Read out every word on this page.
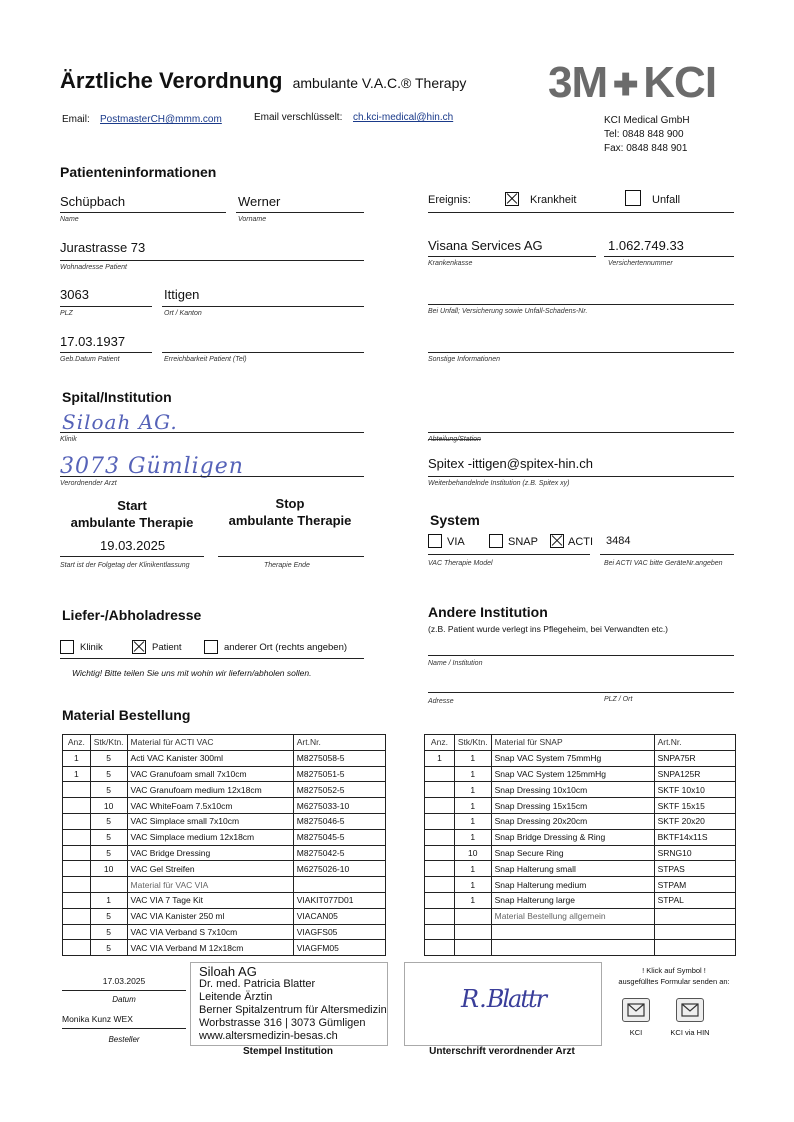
Ärztliche Verordnung ambulante V.A.C.® Therapy 3M ✚ KCI
Email: PostmasterCH@mmm.com	Email verschlüsselt: ch.kci-medical@hin.ch	KCI Medical GmbH
Tel: 0848 848 900
Fax: 0848 848 901
Patienteninformationen
Schüpbach
Name
Werner
Vorname
Jurastrasse 73
Wohnadresse Patient
3063
PLZ
Ittigen
Ort / Kanton
17.03.1937
Geb.Datum Patient	Erreichbarkeit Patient (Tel)
Ereignis:	Krankheit	Unfall
Visana Services AG
Krankenkasse
1.062.749.33
Versichertennummer
Bei Unfall; Versicherung sowie Unfall-Schadens-Nr.
Sonstige Informationen
Spital/Institution
Siloah AG.
Klinik	Abteilung/Station
3073 Gümligen
Verordnender Arzt
Spitex -ittigen@spitex-hin.ch
Weiterbehandelnde Institution (z.B. Spitex xy)
Start
ambulante Therapie
Stop
ambulante Therapie
19.03.2025
Start ist der Folgetag der Klinikentlassung	Therapie Ende
System
VIA	SNAP	ACTI 3484
VAC Therapie Model	Bei ACTI VAC bitte GeräteNr.angeben
Liefer-/Abholadresse
Klinik	Patient	anderer Ort (rechts angeben)
Wichtig! Bitte teilen Sie uns mit wohin wir liefern/abholen sollen.
Andere Institution
(z.B. Patient wurde verlegt ins Pflegeheim, bei Verwandten etc.)
Name / Institution
Adresse	PLZ / Ort
Material Bestellung
Anz.	Stk/Ktn.	Material für ACTI VAC	Art.Nr.
1	5	Acti VAC Kanister 300ml	M8275058-5
1	5	VAC Granufoam small 7x10cm	M8275051-5
	5	VAC Granufoam medium 12x18cm	M8275052-5
	10	VAC WhiteFoam 7.5x10cm	M6275033-10
	5	VAC Simplace small 7x10cm	M8275046-5
	5	VAC Simplace medium 12x18cm	M8275045-5
	5	VAC Bridge Dressing	M8275042-5
	10	VAC Gel Streifen	M6275026-10
		Material für VAC VIA	
	1	VAC VIA 7 Tage Kit	VIAKIT077D01
	5	VAC VIA Kanister 250 ml	VIACAN05
	5	VAC VIA Verband S 7x10cm	VIAGFS05
	5	VAC VIA Verband M 12x18cm	VIAGFM05
Anz.	Stk/Ktn.	Material für SNAP	Art.Nr.
1	1	Snap VAC System 75mmHg	SNPA75R
	1	Snap VAC System 125mmHg	SNPA125R
	1	Snap Dressing 10x10cm	SKTF 10x10
	1	Snap Dressing 15x15cm	SKTF 15x15
	1	Snap Dressing 20x20cm	SKTF 20x20
	1	Snap Bridge Dressing & Ring	BKTF14x11S
	10	Snap Secure Ring	SRNG10
	1	Snap Halterung small	STPAS
	1	Snap Halterung medium	STPAM
	1	Snap Halterung large	STPAL
		Material Bestellung allgemein	

17.03.2025
Datum
Monika Kunz WEX
Besteller
Siloah AG
Dr. med. Patricia Blatter
Leitende Ärztin
Berner Spitalzentrum für Altersmedizin
Worbstrasse 316 | 3073 Gümligen
www.altersmedizin-besas.ch
Stempel Institution
R.Blattr
Unterschrift verordnender Arzt
! Klick auf Symbol !
ausgefülltes Formular senden an:
KCI	KCI via HIN
